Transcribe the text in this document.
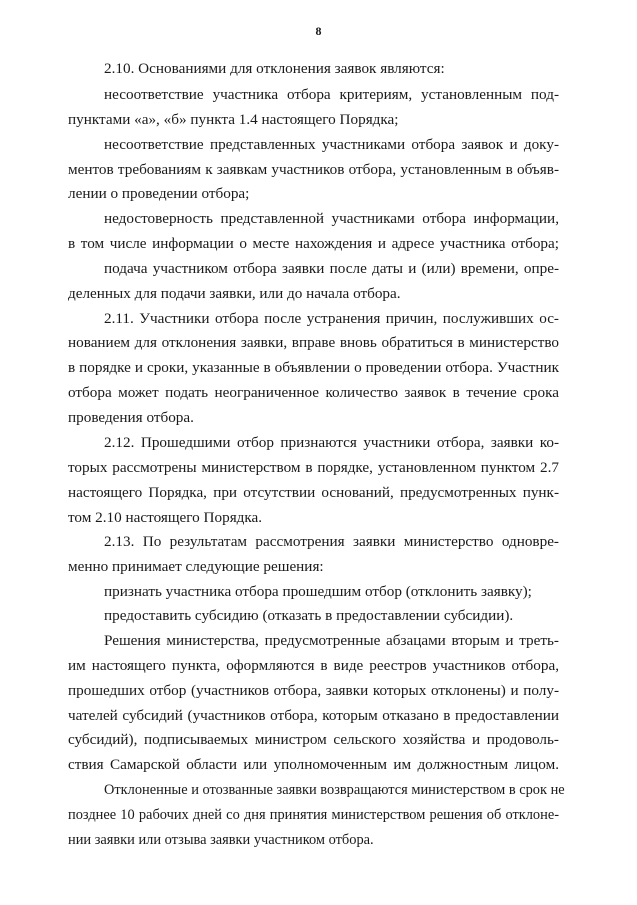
8
2.10. Основаниями для отклонения заявок являются:
несоответствие участника отбора критериям, установленным под-
пунктами «а», «б» пункта 1.4 настоящего Порядка;
несоответствие представленных участниками отбора заявок и доку-
ментов требованиям к заявкам участников отбора, установленным в объяв-
лении о проведении отбора;
недостоверность представленной участниками отбора информации,
в том числе информации о месте нахождения и адресе участника отбора;
подача участником отбора заявки после даты и (или) времени, опре-
деленных для подачи заявки, или до начала отбора.
2.11. Участники отбора после устранения причин, послуживших ос-
нованием для отклонения заявки, вправе вновь обратиться в министерство
в порядке и сроки, указанные в объявлении о проведении отбора. Участник
отбора может подать неограниченное количество заявок в течение срока
проведения отбора.
2.12. Прошедшими отбор признаются участники отбора, заявки ко-
торых рассмотрены министерством в порядке, установленном пунктом 2.7
настоящего Порядка, при отсутствии оснований, предусмотренных пунк-
том 2.10 настоящего Порядка.
2.13. По результатам рассмотрения заявки министерство одновре-
менно принимает следующие решения:
признать участника отбора прошедшим отбор (отклонить заявку);
предоставить субсидию (отказать в предоставлении субсидии).
Решения министерства, предусмотренные абзацами вторым и треть-
им настоящего пункта, оформляются в виде реестров участников отбора,
прошедших отбор (участников отбора, заявки которых отклонены) и полу-
чателей субсидий (участников отбора, которым отказано в предоставлении
субсидий), подписываемых министром сельского хозяйства и продоволь-
ствия Самарской области или уполномоченным им должностным лицом.
Отклоненные и отозванные заявки возвращаются министерством в срок не
позднее 10 рабочих дней со дня принятия министерством решения об отклоне-
нии заявки или отзыва заявки участником отбора.
